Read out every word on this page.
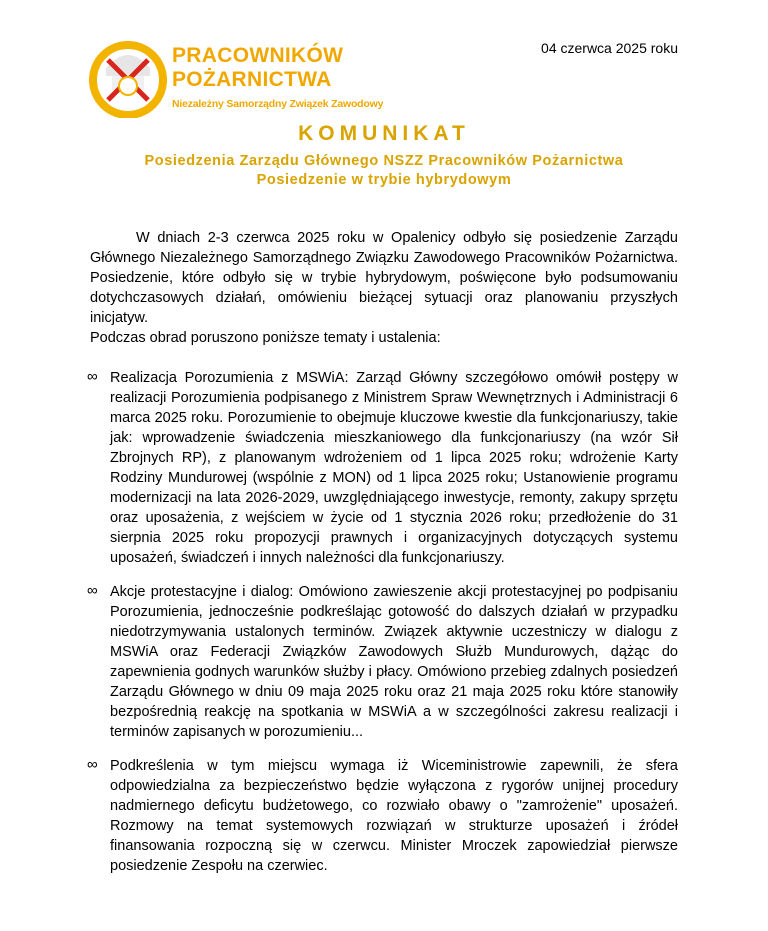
PRACOWNIKÓW
POŻARNICTWA
Niezależny Samorządny Związek Zawodowy
04 czerwca 2025 roku
KOMUNIKAT
Posiedzenia Zarządu Głównego NSZZ Pracowników Pożarnictwa
Posiedzenie w trybie hybrydowym

W dniach 2-3 czerwca 2025 roku w Opalenicy odbyło się posiedzenie Zarządu Głównego Niezależnego Samorządnego Związku Zawodowego Pracowników Pożarnictwa. Posiedzenie, które odbyło się w trybie hybrydowym, poświęcone było podsumowaniu dotychczasowych działań, omówieniu bieżącej sytuacji oraz planowaniu przyszłych inicjatyw.

Podczas obrad poruszono poniższe tematy i ustalenia:

∞ Realizacja Porozumienia z MSWiA: Zarząd Główny szczegółowo omówił postępy w realizacji Porozumienia podpisanego z Ministrem Spraw Wewnętrznych i Administracji 6 marca 2025 roku. Porozumienie to obejmuje kluczowe kwestie dla funkcjonariuszy, takie jak: wprowadzenie świadczenia mieszkaniowego dla funkcjonariuszy (na wzór Sił Zbrojnych RP), z planowanym wdrożeniem od 1 lipca 2025 roku; wdrożenie Karty Rodziny Mundurowej (wspólnie z MON) od 1 lipca 2025 roku; Ustanowienie programu modernizacji na lata 2026-2029, uwzględniającego inwestycje, remonty, zakupy sprzętu oraz uposażenia, z wejściem w życie od 1 stycznia 2026 roku; przedłożenie do 31 sierpnia 2025 roku propozycji prawnych i organizacyjnych dotyczących systemu uposażeń, świadczeń i innych należności dla funkcjonariuszy.
∞ Akcje protestacyjne i dialog: Omówiono zawieszenie akcji protestacyjnej po podpisaniu Porozumienia, jednocześnie podkreślając gotowość do dalszych działań w przypadku niedotrzymywania ustalonych terminów. Związek aktywnie uczestniczy w dialogu z MSWiA oraz Federacji Związków Zawodowych Służb Mundurowych, dążąc do zapewnienia godnych warunków służby i płacy. Omówiono przebieg zdalnych posiedzeń Zarządu Głównego w dniu 09 maja 2025 roku oraz 21 maja 2025 roku które stanowiły bezpośrednią reakcję na spotkania w MSWiA a w szczególności zakresu realizacji i terminów zapisanych w porozumieniu...
∞ Podkreślenia w tym miejscu wymaga iż Wiceministrowie zapewnili, że sfera odpowiedzialna za bezpieczeństwo będzie wyłączona z rygorów unijnej procedury nadmiernego deficytu budżetowego, co rozwiało obawy o "zamrożenie" uposażeń. Rozmowy na temat systemowych rozwiązań w strukturze uposażeń i źródeł finansowania rozpoczną się w czerwcu. Minister Mroczek zapowiedział pierwsze posiedzenie Zespołu na czerwiec.
